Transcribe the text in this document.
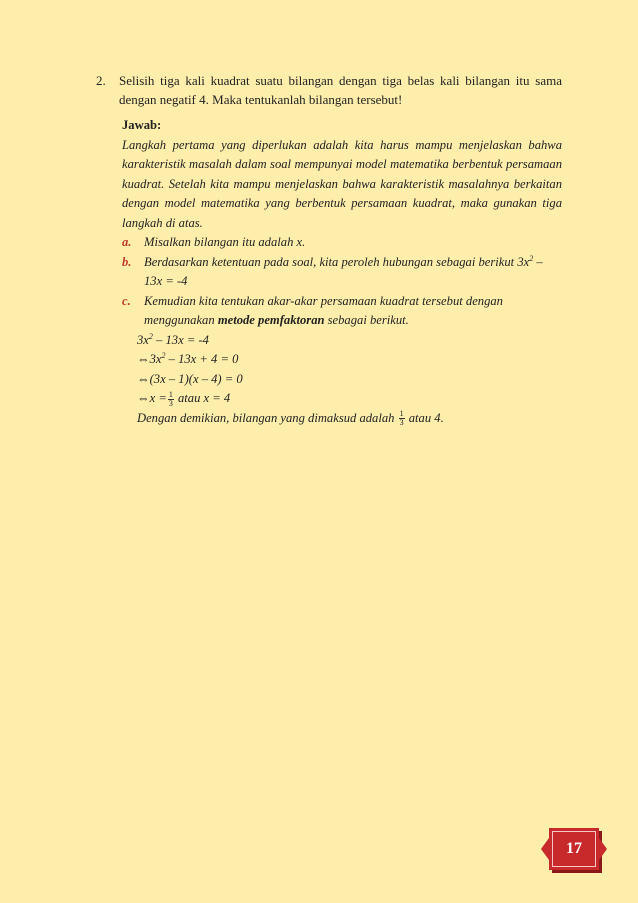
2. Selisih tiga kali kuadrat suatu bilangan dengan tiga belas kali bilangan itu sama dengan negatif 4. Maka tentukanlah bilangan tersebut!
Jawab:
Langkah pertama yang diperlukan adalah kita harus mampu menjelaskan bahwa karakteristik masalah dalam soal mempunyai model matematika berbentuk persamaan kuadrat. Setelah kita mampu menjelaskan bahwa karakteristik masalahnya berkaitan dengan model matematika yang berbentuk persamaan kuadrat, maka gunakan tiga langkah di atas.
a. Misalkan bilangan itu adalah x.
b. Berdasarkan ketentuan pada soal, kita peroleh hubungan sebagai berikut $3x^2 - 13x = -4$
c. Kemudian kita tentukan akar-akar persamaan kuadrat tersebut dengan menggunakan metode pemfaktoran sebagai berikut.
$3x^2 - 13x = -4$
$\Leftrightarrow 3x^2 - 13x + 4 = 0$
⇔(3x – 1)(x – 4) = 0
⇔x = $\frac{1}{3}$ atau x = 4
Dengan demikian, bilangan yang dimaksud adalah $\frac{1}{3}$ atau 4.
17
